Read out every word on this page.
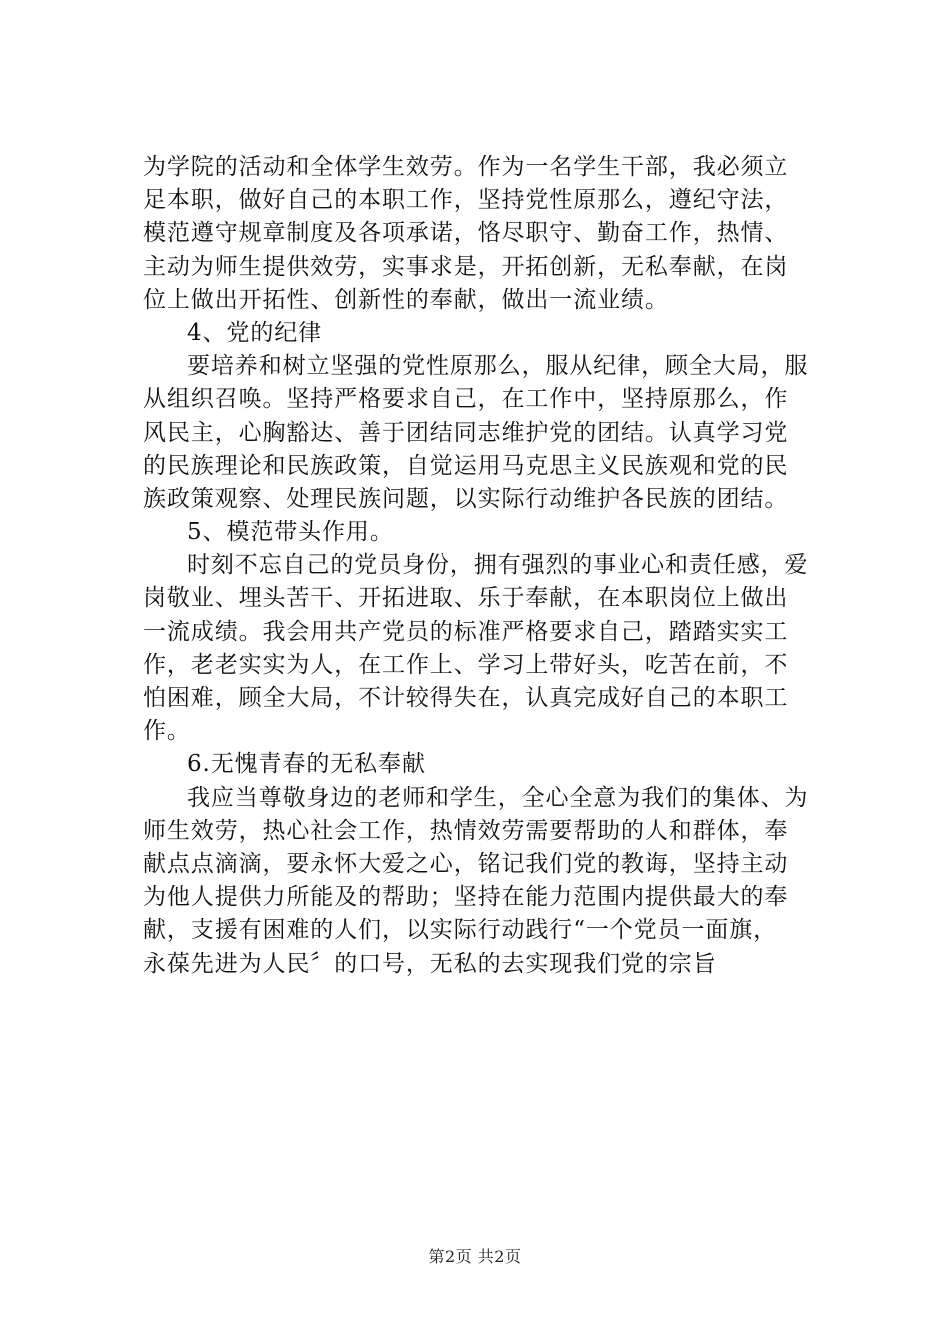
为学院的活动和全体学生效劳。作为一名学生干部，我必须立
足本职，做好自己的本职工作，坚持党性原那么，遵纪守法，
模范遵守规章制度及各项承诺，恪尽职守、勤奋工作，热情、
主动为师生提供效劳，实事求是，开拓创新，无私奉献，在岗
位上做出开拓性、创新性的奉献，做出一流业绩。
4、党的纪律
要培养和树立坚强的党性原那么，服从纪律，顾全大局，服
从组织召唤。坚持严格要求自己，在工作中，坚持原那么，作
风民主，心胸豁达、善于团结同志维护党的团结。认真学习党
的民族理论和民族政策，自觉运用马克思主义民族观和党的民
族政策观察、处理民族问题，以实际行动维护各民族的团结。
5、模范带头作用。
时刻不忘自己的党员身份，拥有强烈的事业心和责任感，爱
岗敬业、埋头苦干、开拓进取、乐于奉献，在本职岗位上做出
一流成绩。我会用共产党员的标准严格要求自己，踏踏实实工
作，老老实实为人，在工作上、学习上带好头，吃苦在前，不
怕困难，顾全大局，不计较得失在，认真完成好自己的本职工
作。
6.无愧青春的无私奉献
我应当尊敬身边的老师和学生，全心全意为我们的集体、为
师生效劳，热心社会工作，热情效劳需要帮助的人和群体，奉
献点点滴滴，要永怀大爱之心，铭记我们党的教诲，坚持主动
为他人提供力所能及的帮助；坚持在能力范围内提供最大的奉
献，支援有困难的人们，以实际行动践行“一个党员一面旗，
永葆先进为人民〞的口号，无私的去实现我们党的宗旨
第2页 共2页
